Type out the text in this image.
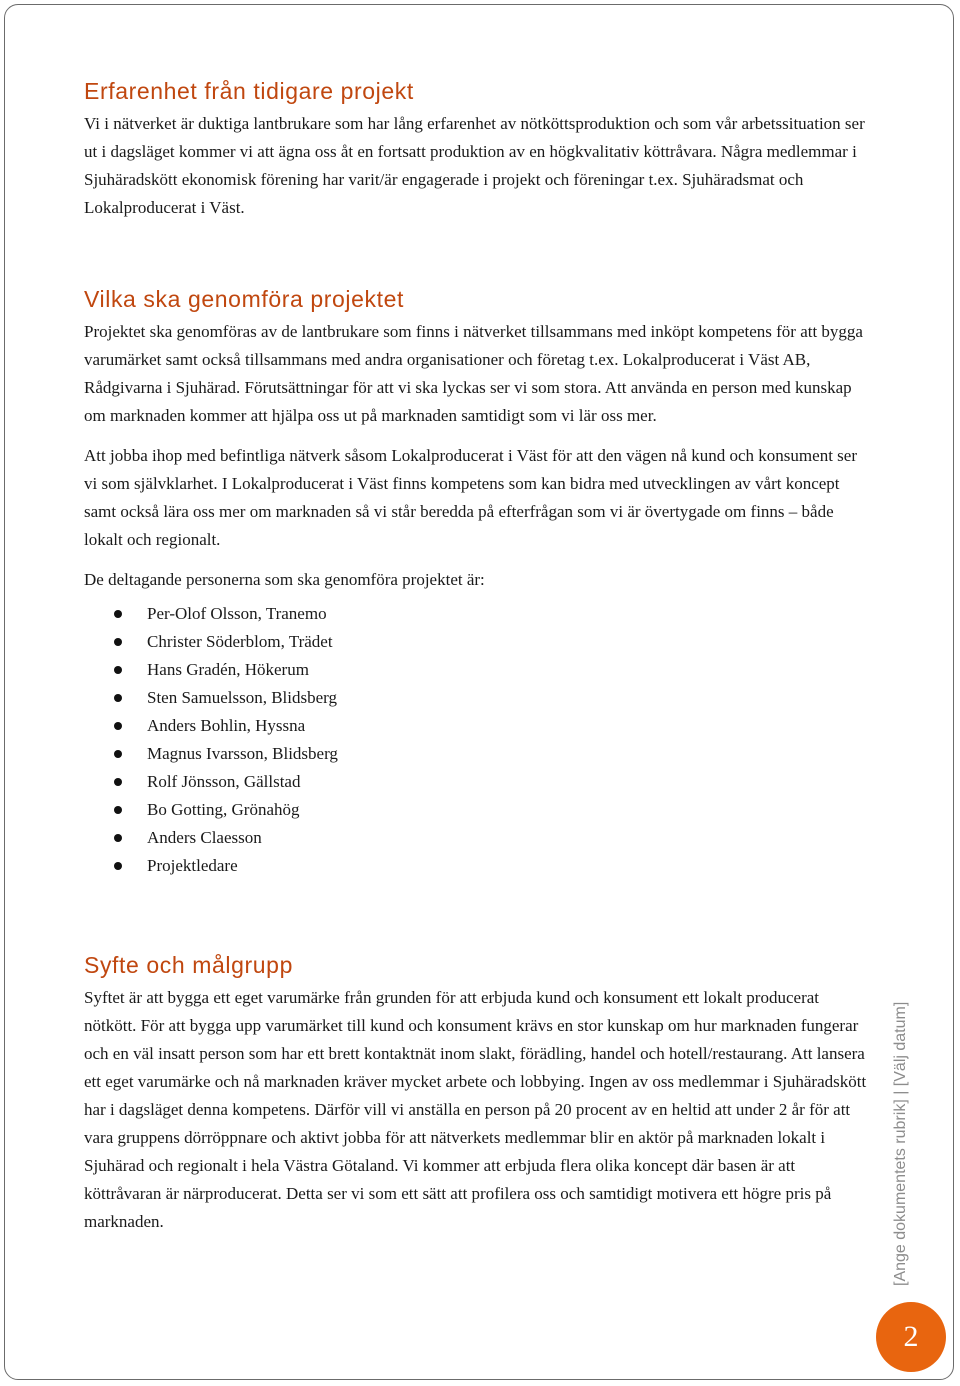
Erfarenhet från tidigare projekt

Vi i nätverket är duktiga lantbrukare som har lång erfarenhet av nötköttsproduktion och som vår arbetssituation ser ut i dagsläget kommer vi att ägna oss åt en fortsatt produktion av en högkvalitativ köttråvara. Några medlemmar i Sjuhäradskött ekonomisk förening har varit/är engagerade i projekt och föreningar t.ex. Sjuhäradsmat och Lokalproducerat i Väst.

Vilka ska genomföra projektet

Projektet ska genomföras av de lantbrukare som finns i nätverket tillsammans med inköpt kompetens för att bygga varumärket samt också tillsammans med andra organisationer och företag t.ex. Lokalproducerat i Väst AB, Rådgivarna i Sjuhärad. Förutsättningar för att vi ska lyckas ser vi som stora. Att använda en person med kunskap om marknaden kommer att hjälpa oss ut på marknaden samtidigt som vi lär oss mer.

Att jobba ihop med befintliga nätverk såsom Lokalproducerat i Väst för att den vägen nå kund och konsument ser vi som självklarhet. I Lokalproducerat i Väst finns kompetens som kan bidra med utvecklingen av vårt koncept samt också lära oss mer om marknaden så vi står beredda på efterfrågan som vi är övertygade om finns – både lokalt och regionalt.

De deltagande personerna som ska genomföra projektet är:

Per-Olof Olsson, Tranemo
Christer Söderblom, Trädet
Hans Gradén, Hökerum
Sten Samuelsson, Blidsberg
Anders Bohlin, Hyssna
Magnus Ivarsson, Blidsberg
Rolf Jönsson, Gällstad
Bo Gotting, Grönahög
Anders Claesson
Projektledare
Syfte och målgrupp

Syftet är att bygga ett eget varumärke från grunden för att erbjuda kund och konsument ett lokalt producerat nötkött. För att bygga upp varumärket till kund och konsument krävs en stor kunskap om hur marknaden fungerar och en väl insatt person som har ett brett kontaktnät inom slakt, förädling, handel och hotell/restaurang. Att lansera ett eget varumärke och nå marknaden kräver mycket arbete och lobbying. Ingen av oss medlemmar i Sjuhäradskött har i dagsläget denna kompetens. Därför vill vi anställa en person på 20 procent av en heltid att under 2 år för att vara gruppens dörröppnare och aktivt jobba för att nätverkets medlemmar blir en aktör på marknaden lokalt i Sjuhärad och regionalt i hela Västra Götaland. Vi kommer att erbjuda flera olika koncept där basen är att köttråvaran är närproducerat. Detta ser vi som ett sätt att profilera oss och samtidigt motivera ett högre pris på marknaden.	[Ange dokumentets rubrik] | [Välj datum]
2
